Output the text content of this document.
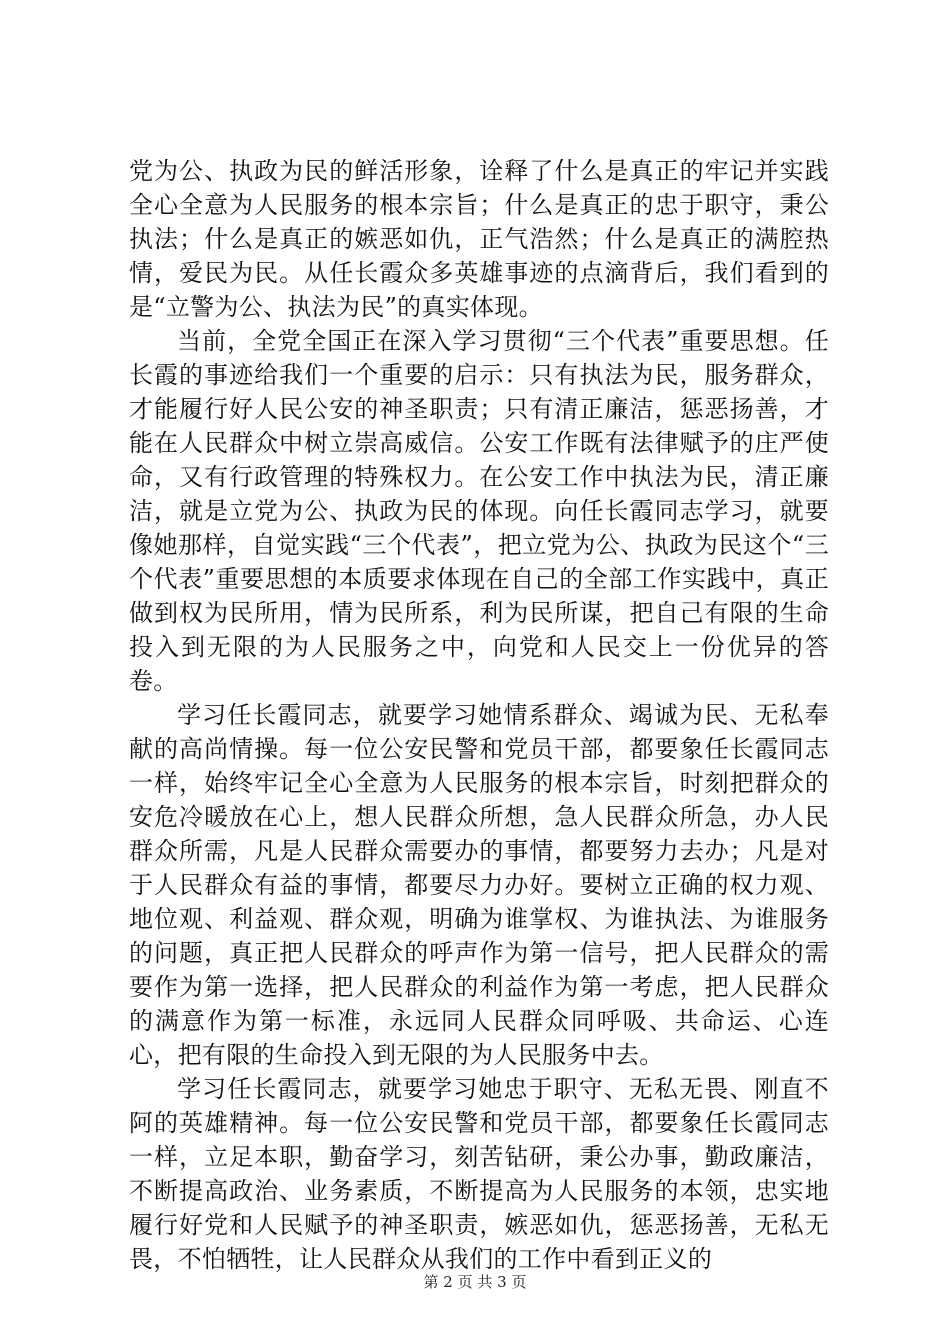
党为公、执政为民的鲜活形象，诠释了什么是真正的牢记并实践全心全意为人民服务的根本宗旨；什么是真正的忠于职守，秉公执法；什么是真正的嫉恶如仇，正气浩然；什么是真正的满腔热情，爱民为民。从任长霞众多英雄事迹的点滴背后，我们看到的是“立警为公、执法为民”的真实体现。

当前，全党全国正在深入学习贯彻“三个代表”重要思想。任长霞的事迹给我们一个重要的启示：只有执法为民，服务群众，才能履行好人民公安的神圣职责；只有清正廉洁，惩恶扬善，才能在人民群众中树立崇高威信。公安工作既有法律赋予的庄严使命，又有行政管理的特殊权力。在公安工作中执法为民，清正廉洁，就是立党为公、执政为民的体现。向任长霞同志学习，就要像她那样，自觉实践“三个代表”，把立党为公、执政为民这个“三个代表”重要思想的本质要求体现在自己的全部工作实践中，真正做到权为民所用，情为民所系，利为民所谋，把自己有限的生命投入到无限的为人民服务之中，向党和人民交上一份优异的答卷。

学习任长霞同志，就要学习她情系群众、竭诚为民、无私奉献的高尚情操。每一位公安民警和党员干部，都要象任长霞同志一样，始终牢记全心全意为人民服务的根本宗旨，时刻把群众的安危冷暖放在心上，想人民群众所想，急人民群众所急，办人民群众所需，凡是人民群众需要办的事情，都要努力去办；凡是对于人民群众有益的事情，都要尽力办好。要树立正确的权力观、地位观、利益观、群众观，明确为谁掌权、为谁执法、为谁服务的问题，真正把人民群众的呼声作为第一信号，把人民群众的需要作为第一选择，把人民群众的利益作为第一考虑，把人民群众的满意作为第一标准，永远同人民群众同呼吸、共命运、心连心，把有限的生命投入到无限的为人民服务中去。

学习任长霞同志，就要学习她忠于职守、无私无畏、刚直不阿的英雄精神。每一位公安民警和党员干部，都要象任长霞同志一样，立足本职，勤奋学习，刻苦钻研，秉公办事，勤政廉洁，不断提高政治、业务素质，不断提高为人民服务的本领，忠实地履行好党和人民赋予的神圣职责，嫉恶如仇，惩恶扬善，无私无畏，不怕牺牲，让人民群众从我们的工作中看到正义的

第 2 页 共 3 页
